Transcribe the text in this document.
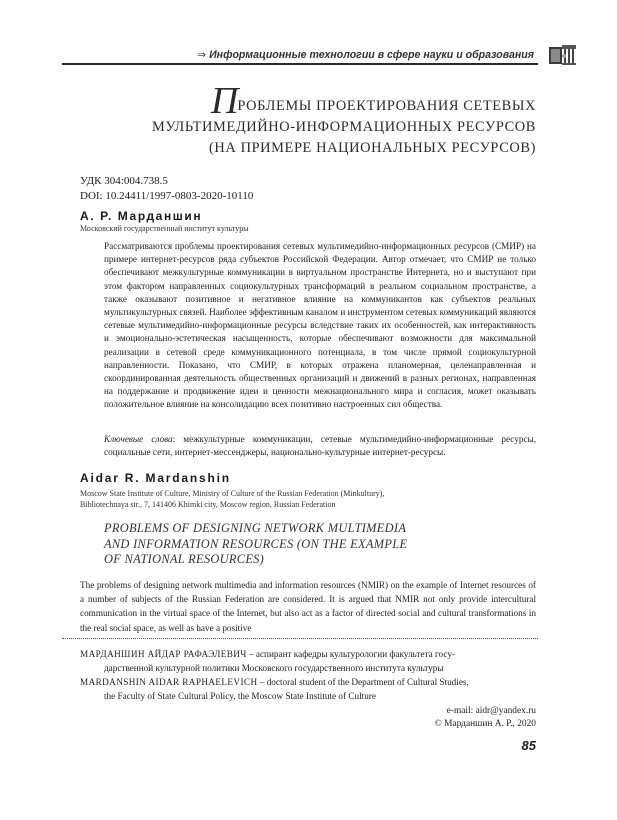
⇒ Информационные технологии в сфере науки и образования
ПРОБЛЕМЫ ПРОЕКТИРОВАНИЯ СЕТЕВЫХ
МУЛЬТИМЕДИЙНО-ИНФОРМАЦИОННЫХ РЕСУРСОВ
(НА ПРИМЕРЕ НАЦИОНАЛЬНЫХ РЕСУРСОВ)
УДК 304:004.738.5
DOI: 10.24411/1997-0803-2020-10110
А. Р. Марданшин
Московский государственный институт культуры
Рассматриваются проблемы проектирования сетевых мультимедийно-информационных ресурсов (СМИР) на примере интернет-ресурсов ряда субъектов Российской Федерации. Автор отмечает, что СМИР не только обеспечивают межкультурные коммуникации в виртуальном пространстве Интернета, но и выступают при этом фактором направленных социокультурных трансформаций в реальном социальном пространстве, а также оказывают позитивное и негативное влияние на коммуникантов как субъектов реальных мультикультурных связей. Наиболее эффективным каналом и инструментом сетевых коммуникаций являются сетевые мультимедийно-информационные ресурсы вследствие таких их особенностей, как интерактивность и эмоционально-эстетическая насыщенность, которые обеспечивают возможности для максимальной реализации в сетевой среде коммуникационного потенциала, в том числе прямой социокультурной направленности. Показано, что СМИР, в которых отражена планомерная, целенаправленная и скоординированная деятельность общественных организаций и движений в разных регионах, направленная на поддержание и продвижение идеи и ценности межнационального мира и согласия, может оказывать положительное влияние на консолидацию всех позитивно настроенных сил общества.
Ключевые слова: межкультурные коммуникации, сетевые мультимедийно-информационные ресурсы, социальные сети, интернет-мессенджеры, национально-культурные интернет-ресурсы.
Aidar R. Mardanshin
Moscow State Institute of Culture, Ministry of Culture of the Russian Federation (Minkultury),
Bibliotechnaya str., 7, 141406 Khimki city, Moscow region, Russian Federation
PROBLEMS OF DESIGNING NETWORK MULTIMEDIA
AND INFORMATION RESOURCES (ON THE EXAMPLE
OF NATIONAL RESOURCES)
The problems of designing network multimedia and information resources (NMIR) on the example of Internet resources of a number of subjects of the Russian Federation are considered. It is argued that NMIR not only provide intercultural communication in the virtual space of the Internet, but also act as a factor of directed social and cultural transformations in the real social space, as well as have a positive
МАРДАНШИН АЙДАР РАФАЭЛЕВИЧ – аспирант кафедры культурологии факультета госу-
дарственной культурной политики Московского государственного института культуры
MARDANSHIN AIDAR RAPHAELEVICH – doctoral student of the Department of Cultural Studies,
the Faculty of State Cultural Policy, the Moscow State Institute of Culture
e-mail: aidr@yandex.ru
© Марданшин А. Р., 2020
85
